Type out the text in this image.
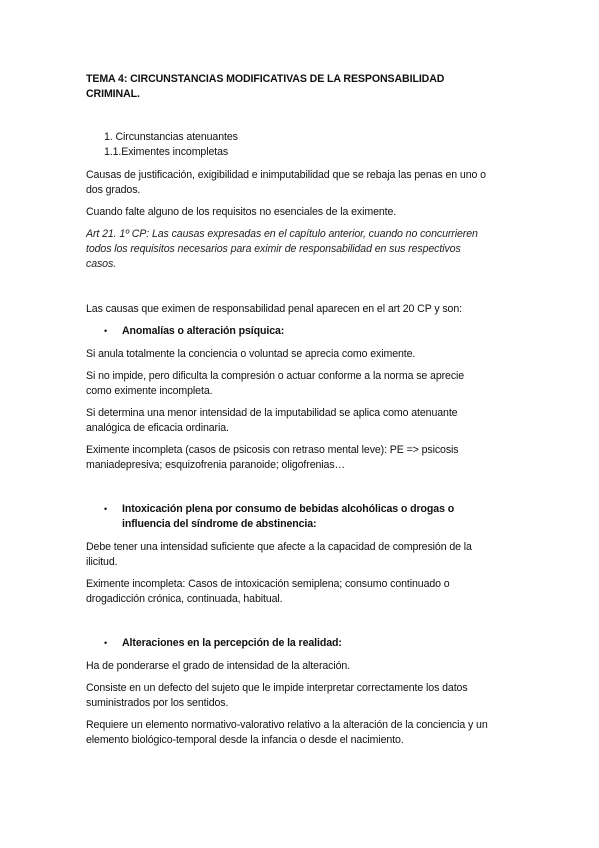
TEMA 4: CIRCUNSTANCIAS MODIFICATIVAS DE LA RESPONSABILIDAD
CRIMINAL.
1. Circunstancias atenuantes
1.1.Eximentes incompletas
Causas de justificación, exigibilidad e inimputabilidad que se rebaja las penas en uno o
dos grados.
Cuando falte alguno de los requisitos no esenciales de la eximente.
Art 21. 1º CP: Las causas expresadas en el capítulo anterior, cuando no concurrieren
todos los requisitos necesarios para eximir de responsabilidad en sus respectivos
casos.
Las causas que eximen de responsabilidad penal aparecen en el art 20 CP y son:
• Anomalías o alteración psíquica:
Si anula totalmente la conciencia o voluntad se aprecia como eximente.
Si no impide, pero dificulta la compresión o actuar conforme a la norma se aprecie
como eximente incompleta.
Si determina una menor intensidad de la imputabilidad se aplica como atenuante
analógica de eficacia ordinaria.
Eximente incompleta (casos de psicosis con retraso mental leve): PE => psicosis
maniadepresiva; esquizofrenia paranoide; oligofrenias…
• Intoxicación plena por consumo de bebidas alcohólicas o drogas o
influencia del síndrome de abstinencia:
Debe tener una intensidad suficiente que afecte a la capacidad de compresión de la
ilicitud.
Eximente incompleta: Casos de intoxicación semiplena; consumo continuado o
drogadicción crónica, continuada, habitual.
• Alteraciones en la percepción de la realidad:
Ha de ponderarse el grado de intensidad de la alteración.
Consiste en un defecto del sujeto que le impide interpretar correctamente los datos
suministrados por los sentidos.
Requiere un elemento normativo-valorativo relativo a la alteración de la conciencia y un
elemento biológico-temporal desde la infancia o desde el nacimiento.
